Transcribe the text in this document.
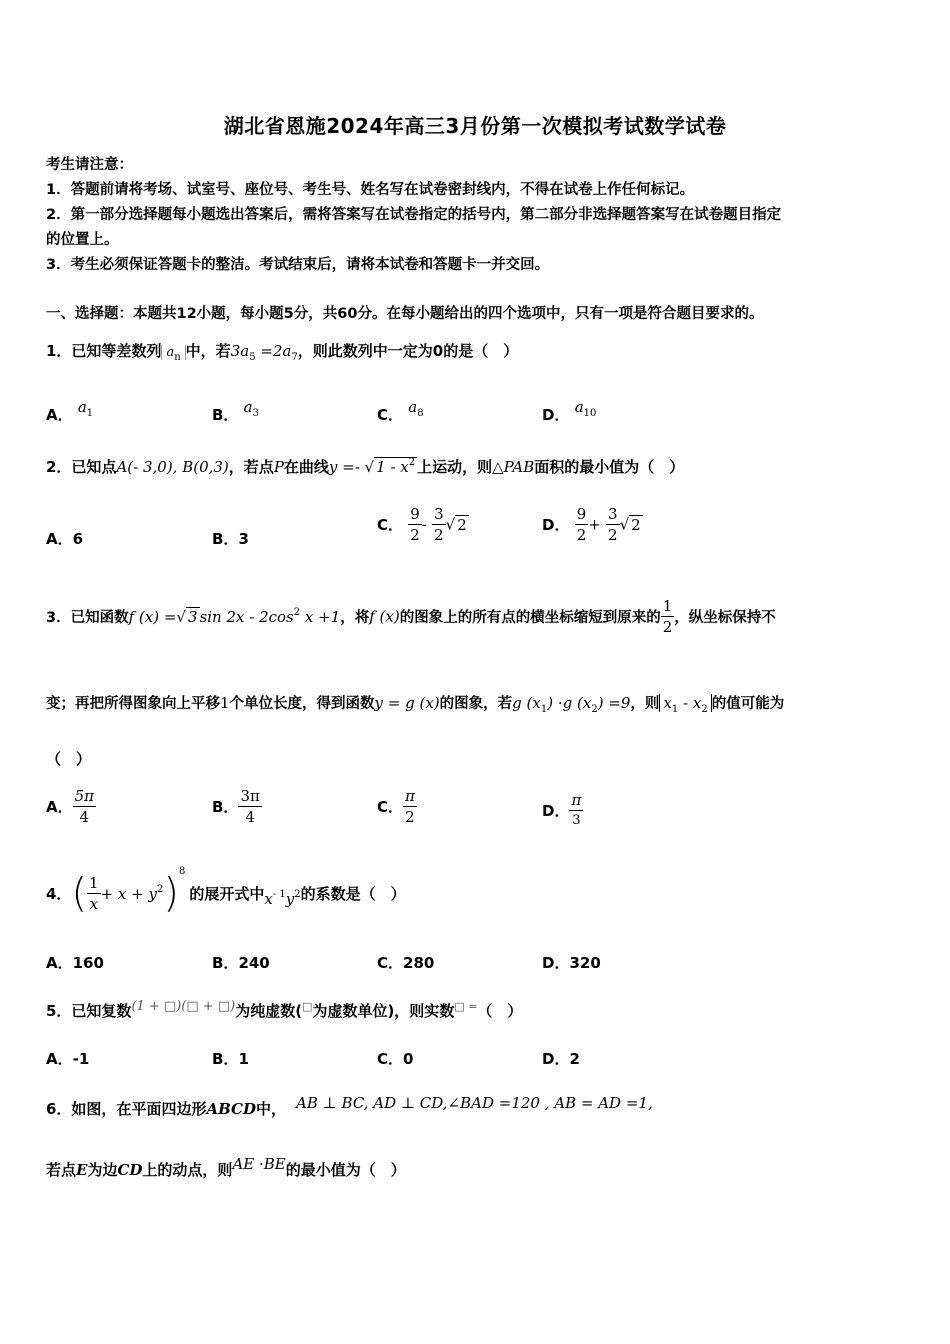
湖北省恩施2024年高三3月份第一次模拟考试数学试卷
考生请注意：
1．答题前请将考场、试室号、座位号、考生号、姓名写在试卷密封线内，不得在试卷上作任何标记。
2．第一部分选择题每小题选出答案后，需将答案写在试卷指定的括号内，第二部分非选择题答案写在试卷题目指定
的位置上。
3．考生必须保证答题卡的整洁。考试结束后，请将本试卷和答题卡一并交回。
一、选择题：本题共12小题，每小题5分，共60分。在每小题给出的四个选项中，只有一项是符合题目要求的。
1．已知等差数列 $a_n$ 中，若$3a_5 =2a_7$，则此数列中一定为0的是（　）
A． $a_1$	B． $a_3$	C． $a_8$	D． $a_{10}$
2．已知点A(- 3,0), B(0,3)，若点P在曲线y =- √ $1 - x^2$ 上运动，则△PAB面积的最小值为（　）
A．6	B．3
C． $\frac{9}{2} - \frac{3}{2}$ √ 2	D． $\frac{9}{2} + \frac{3}{2}$ √ 2
3．已知函数f (x) =√ 3 $\sin 2x - 2\cos^2$ x +1，将f (x)的图象上的所有点的横坐标缩短到原来的 $\frac{1}{2}$ ，纵坐标保持不
变；再把所得图象向上平移1个单位长度，得到函数y = g (x)的图象，若g $(x_1) \cdot g$ $(x_2) =9$，则 $x_1 - x_2$ 的值可能为
（　）
A． $\frac{5\pi}{4}$	B． $\frac{3\pi}{4}$	C． $\frac{\pi}{2}$	D． $\frac{\pi}{3}$
4．( $\frac{1}{x} + x + y^2)^8$的展开式中$x^{- 1}y^2$的系数是（　）
A．160	B．240	C．280	D．320
5．已知复数(1 + □)(□ + □)为纯虚数(□为虚数单位)，则实数□ =（　）
A．-1	B．1	C．0	D．2
6．如图，在平面四边形ABCD中， AB ⊥ BC, AD ⊥ CD,∠BAD =120 , AB = AD =1,
若点E为边CD上的动点，则AE ·BE的最小值为（　）
